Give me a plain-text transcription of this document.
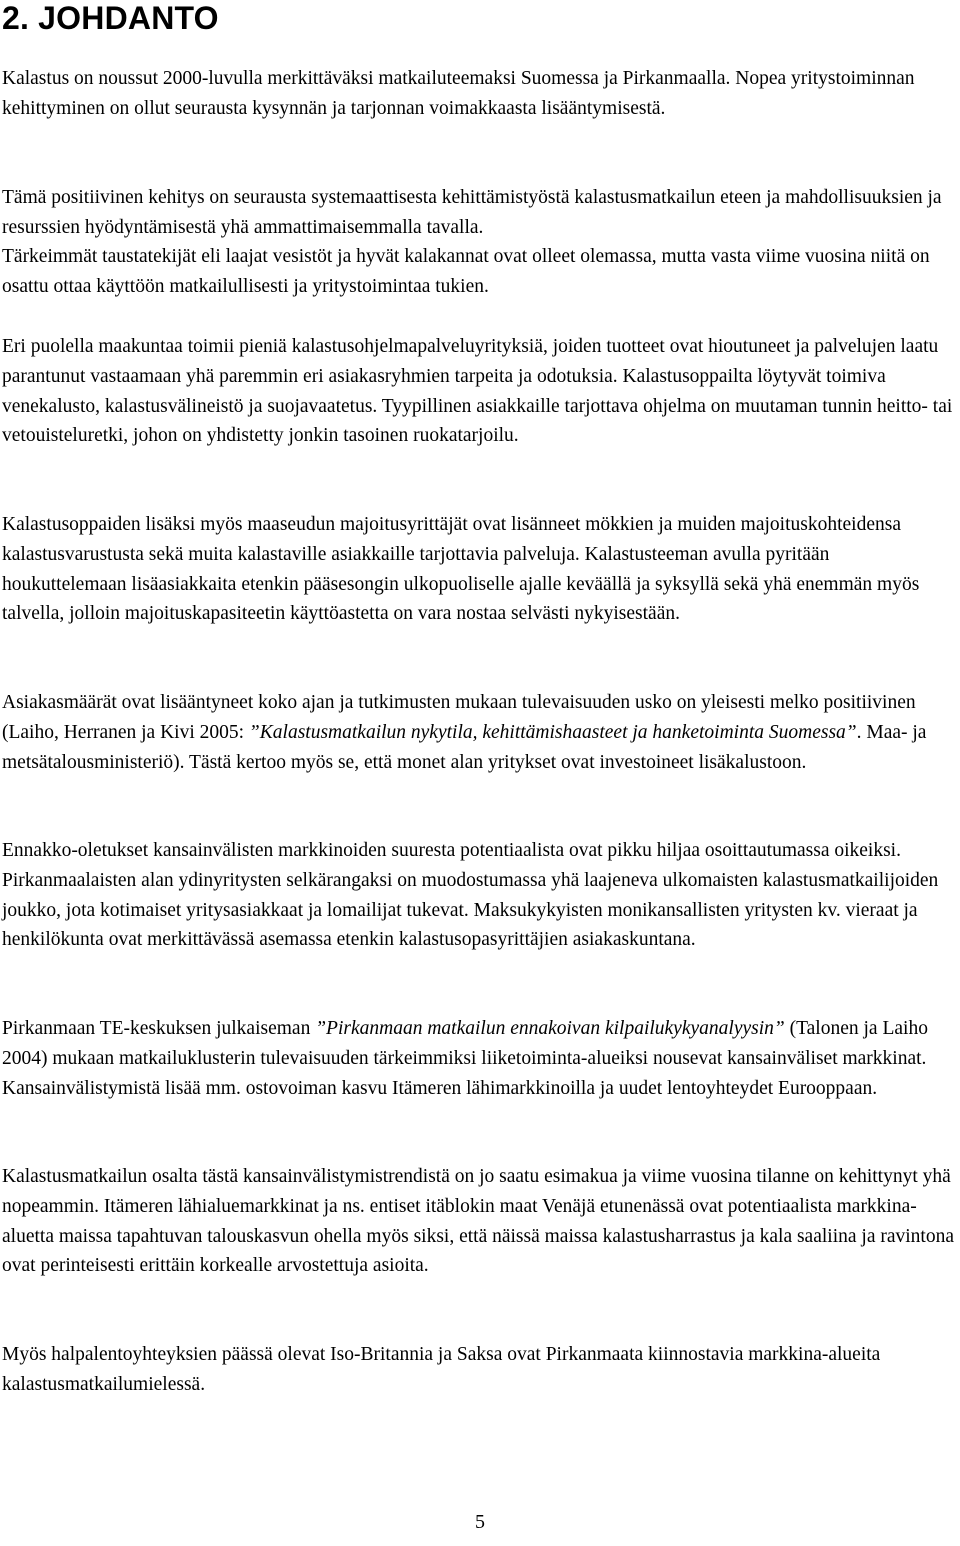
2. JOHDANTO

Kalastus on noussut 2000-luvulla merkittäväksi matkailuteemaksi Suomessa ja Pirkanmaalla. Nopea yritystoiminnan kehittyminen on ollut seurausta kysynnän ja tarjonnan voimakkaasta lisääntymisestä.

Tämä positiivinen kehitys on seurausta systemaattisesta kehittämistyöstä kalastusmatkailun eteen ja mahdollisuuksien ja resurssien hyödyntämisestä yhä ammattimaisemmalla tavalla.

Tärkeimmät taustatekijät eli laajat vesistöt ja hyvät kalakannat ovat olleet olemassa, mutta vasta viime vuosina niitä on osattu ottaa käyttöön matkailullisesti ja yritystoimintaa tukien.

Eri puolella maakuntaa toimii pieniä kalastusohjelmapalveluyrityksiä, joiden tuotteet ovat hioutuneet ja palvelujen laatu parantunut vastaamaan yhä paremmin eri asiakasryhmien tarpeita ja odotuksia. Kalastusoppailta löytyvät toimiva venekalusto, kalastusvälineistö ja suojavaatetus. Tyypillinen asiakkaille tarjottava ohjelma on muutaman tunnin heitto- tai vetouisteluretki, johon on yhdistetty jonkin tasoinen ruokatarjoilu.

Kalastusoppaiden lisäksi myös maaseudun majoitusyrittäjät ovat lisänneet mökkien ja muiden majoituskohteidensa kalastusvarustusta sekä muita kalastaville asiakkaille tarjottavia palveluja. Kalastusteeman avulla pyritään houkuttelemaan lisäasiakkaita etenkin pääsesongin ulkopuoliselle ajalle keväällä ja syksyllä sekä yhä enemmän myös talvella, jolloin majoituskapasiteetin käyttöastetta on vara nostaa selvästi nykyisestään.

Asiakasmäärät ovat lisääntyneet koko ajan ja tutkimusten mukaan tulevaisuuden usko on yleisesti melko positiivinen (Laiho, Herranen ja Kivi 2005: ”Kalastusmatkailun nykytila, kehittämishaasteet ja hanketoiminta Suomessa”. Maa- ja metsätalousministeriö). Tästä kertoo myös se, että monet alan yritykset ovat investoineet lisäkalustoon.

Ennakko-oletukset kansainvälisten markkinoiden suuresta potentiaalista ovat pikku hiljaa osoittautumassa oikeiksi. Pirkanmaalaisten alan ydinyritysten selkärangaksi on muodostumassa yhä laajeneva ulkomaisten kalastusmatkailijoiden joukko, jota kotimaiset yritysasiakkaat ja lomailijat tukevat. Maksukykyisten monikansallisten yritysten kv. vieraat ja henkilökunta ovat merkittävässä asemassa etenkin kalastusopasyrittäjien asiakaskuntana.

Pirkanmaan TE-keskuksen julkaiseman ”Pirkanmaan matkailun ennakoivan kilpailukykyanalyysin” (Talonen ja Laiho 2004) mukaan matkailuklusterin tulevaisuuden tärkeimmiksi liiketoiminta-alueiksi nousevat kansainväliset markkinat. Kansainvälistymistä lisää mm. ostovoiman kasvu Itämeren lähimarkkinoilla ja uudet lentoyhteydet Eurooppaan.

Kalastusmatkailun osalta tästä kansainvälistymistrendistä on jo saatu esimakua ja viime vuosina tilanne on kehittynyt yhä nopeammin. Itämeren lähialuemarkkinat ja ns. entiset itäblokin maat Venäjä etunenässä ovat potentiaalista markkina-aluetta maissa tapahtuvan talouskasvun ohella myös siksi, että näissä maissa kalastusharrastus ja kala saaliina ja ravintona ovat perinteisesti erittäin korkealle arvostettuja asioita.

Myös halpalentoyhteyksien päässä olevat Iso-Britannia ja Saksa ovat Pirkanmaata kiinnostavia markkina-alueita kalastusmatkailumielessä.

5
